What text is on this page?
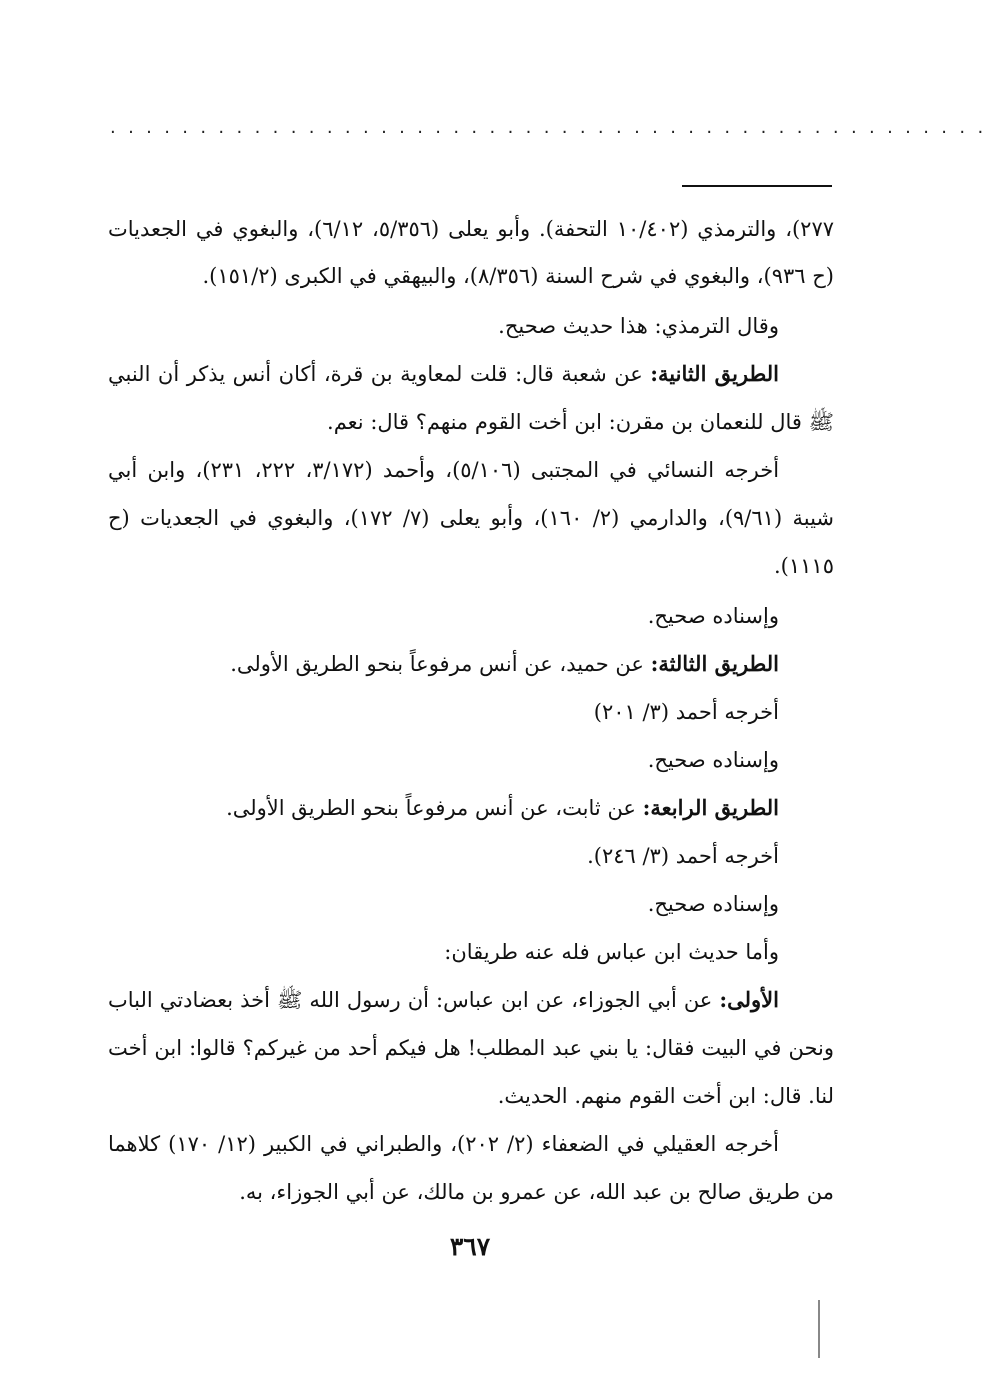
.................................................

٢٧٧)، والترمذي (١٠/٤٠٢ التحفة). وأبو يعلى (٥/٣٥٦، ٦/١٢)، والبغوي في الجعديات (ح ٩٣٦)، والبغوي في شرح السنة (٨/٣٥٦)، والبيهقي في الكبرى (١٥١/٢).

وقال الترمذي: هذا حديث صحيح.

الطريق الثانية: عن شعبة قال: قلت لمعاوية بن قرة، أكان أنس يذكر أن النبي ﷺ قال للنعمان بن مقرن: ابن أخت القوم منهم؟ قال: نعم.

أخرجه النسائي في المجتبى (٥/١٠٦)، وأحمد (٣/١٧٢، ٢٢٢، ٢٣١)، وابن أبي شيبة (٩/٦١)، والدارمي (٢/ ١٦٠)، وأبو يعلى (٧/ ١٧٢)، والبغوي في الجعديات (ح ١١١٥).

وإسناده صحيح.

الطريق الثالثة: عن حميد، عن أنس مرفوعاً بنحو الطريق الأولى.

أخرجه أحمد (٣/ ٢٠١)

وإسناده صحيح.

الطريق الرابعة: عن ثابت، عن أنس مرفوعاً بنحو الطريق الأولى.

أخرجه أحمد (٣/ ٢٤٦).

وإسناده صحيح.

وأما حديث ابن عباس فله عنه طريقان:

الأولى: عن أبي الجوزاء، عن ابن عباس: أن رسول الله ﷺ أخذ بعضادتي الباب ونحن في البيت فقال: يا بني عبد المطلب! هل فيكم أحد من غيركم؟ قالوا: ابن أخت لنا. قال: ابن أخت القوم منهم. الحديث.

أخرجه العقيلي في الضعفاء (٢/ ٢٠٢)، والطبراني في الكبير (١٢/ ١٧٠) كلاهما من طريق صالح بن عبد الله، عن عمرو بن مالك، عن أبي الجوزاء، به.

٣٦٧
